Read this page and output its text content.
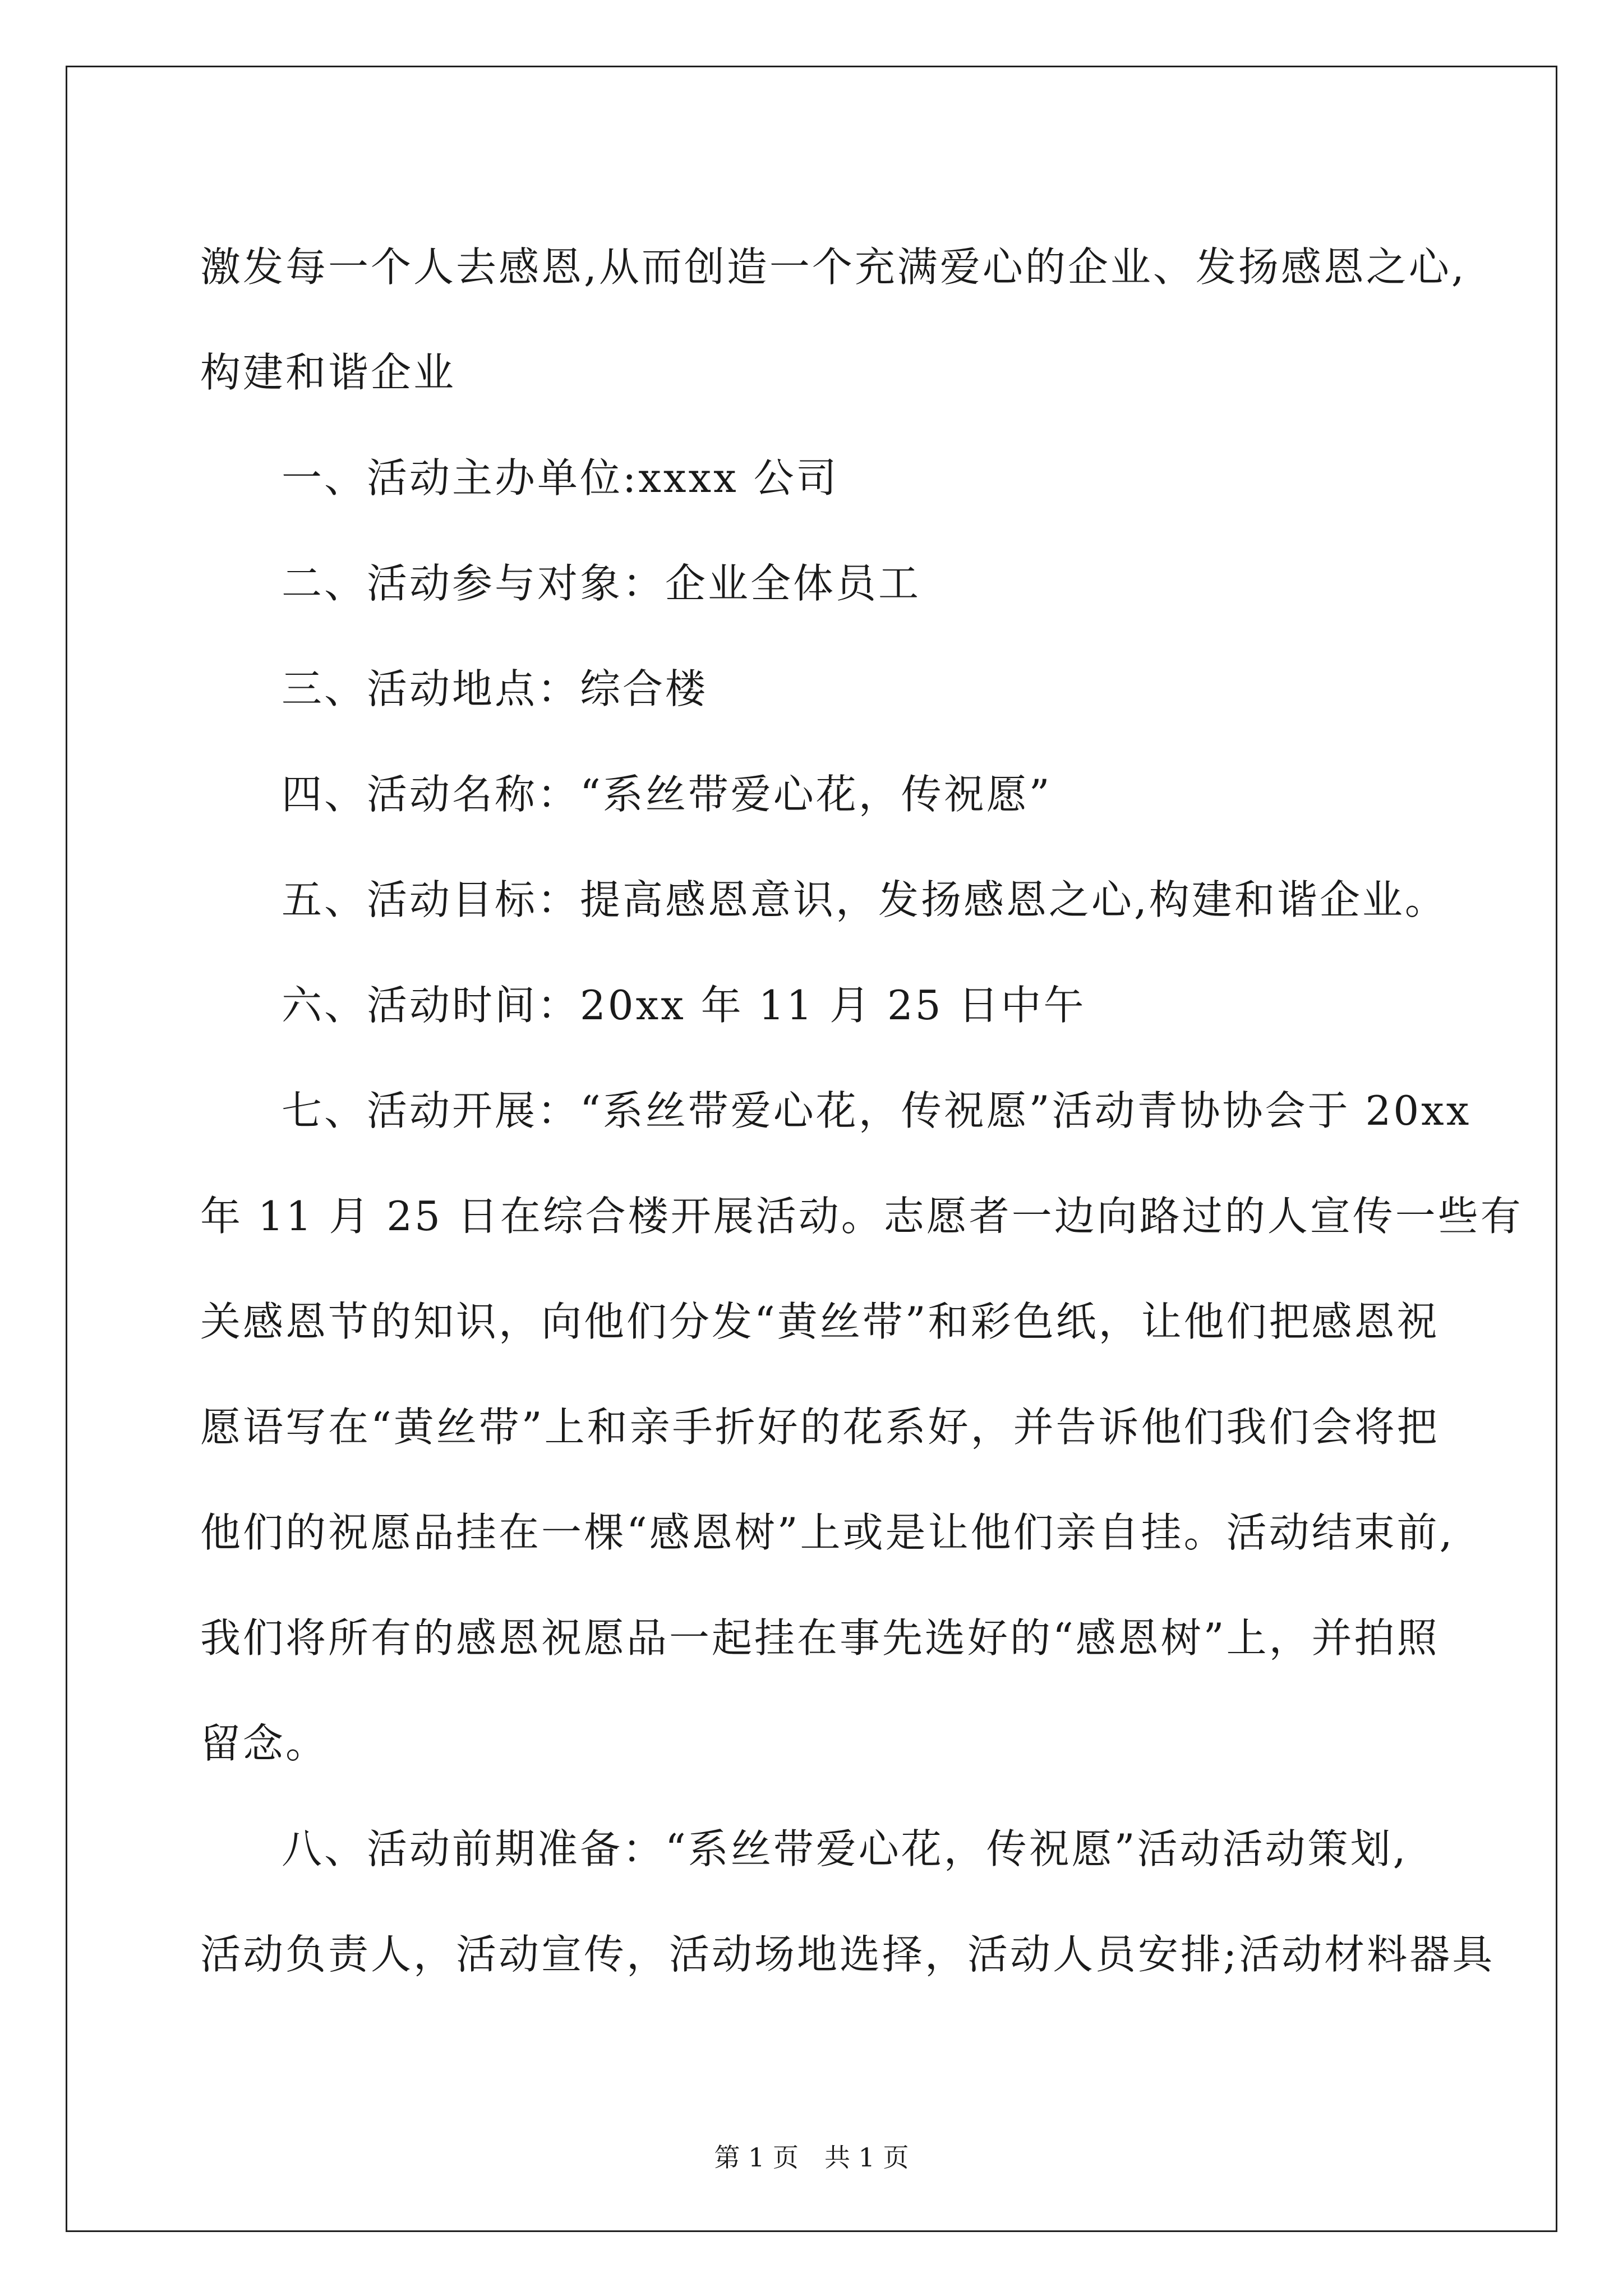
激发每一个人去感恩,从而创造一个充满爱心的企业、发扬感恩之心,
构建和谐企业
一、活动主办单位:xxxx 公司
二、活动参与对象：企业全体员工
三、活动地点：综合楼
四、活动名称：“系丝带爱心花，传祝愿”
五、活动目标：提高感恩意识，发扬感恩之心,构建和谐企业。
六、活动时间：20xx 年 11 月 25 日中午
七、活动开展：“系丝带爱心花，传祝愿”活动青协协会于 20xx
年 11 月 25 日在综合楼开展活动。志愿者一边向路过的人宣传一些有
关感恩节的知识，向他们分发“黄丝带”和彩色纸，让他们把感恩祝
愿语写在“黄丝带”上和亲手折好的花系好，并告诉他们我们会将把
他们的祝愿品挂在一棵“感恩树”上或是让他们亲自挂。活动结束前,
我们将所有的感恩祝愿品一起挂在事先选好的“感恩树”上，并拍照
留念。
八、活动前期准备：“系丝带爱心花，传祝愿”活动活动策划,
活动负责人，活动宣传，活动场地选择，活动人员安排;活动材料器具
第 1 页　共 1 页
